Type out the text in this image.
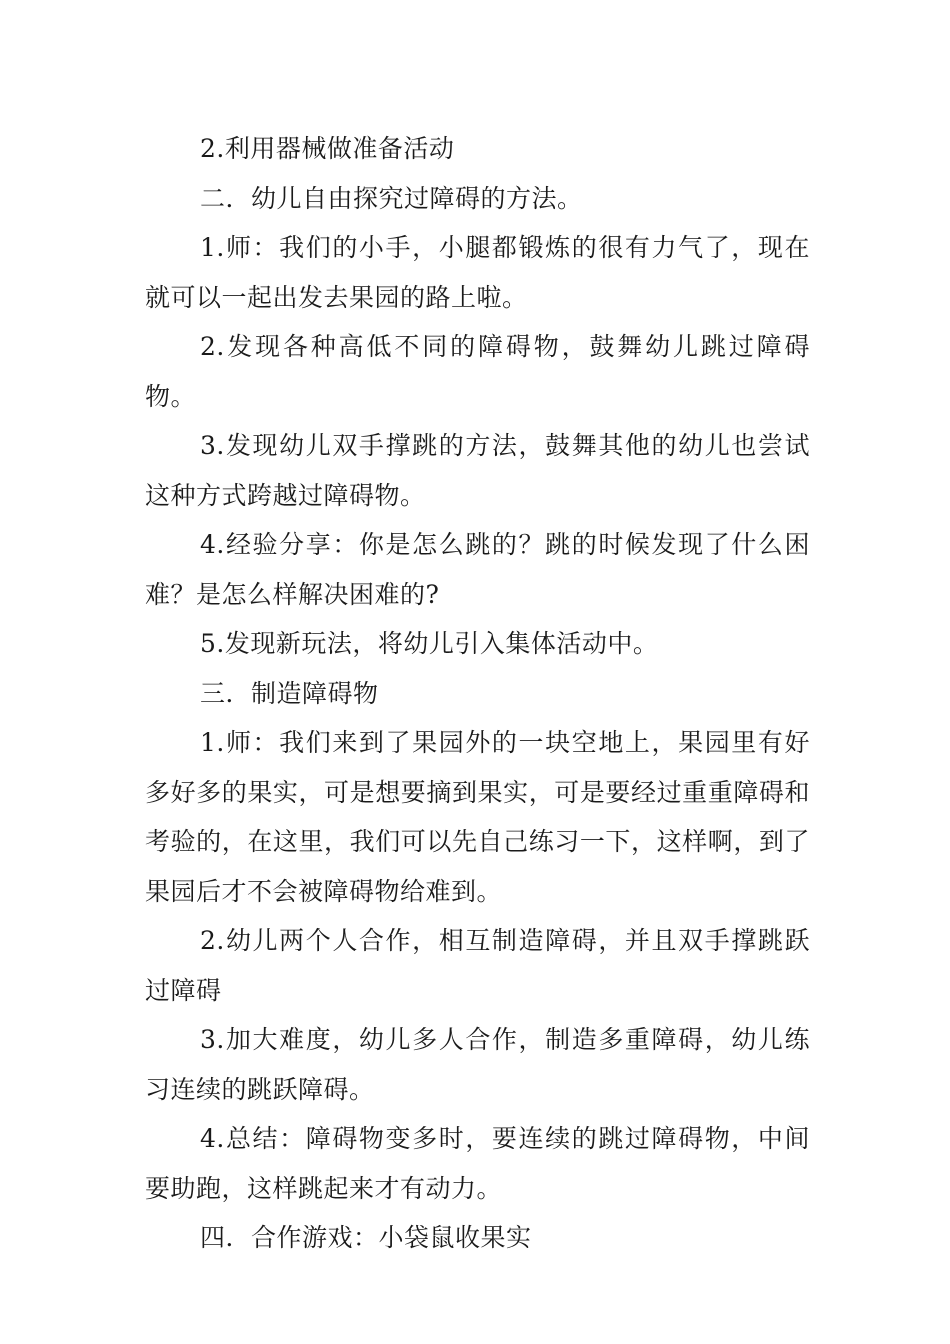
2.利用器械做准备活动

二．幼儿自由探究过障碍的方法。

1.师：我们的小手，小腿都锻炼的很有力气了，现在就可以一起出发去果园的路上啦。

2.发现各种高低不同的障碍物，鼓舞幼儿跳过障碍物。

3.发现幼儿双手撑跳的方法，鼓舞其他的幼儿也尝试这种方式跨越过障碍物。

4.经验分享：你是怎么跳的？跳的时候发现了什么困难？是怎么样解决困难的?

5.发现新玩法，将幼儿引入集体活动中。

三．制造障碍物

1.师：我们来到了果园外的一块空地上，果园里有好多好多的果实，可是想要摘到果实，可是要经过重重障碍和考验的，在这里，我们可以先自己练习一下，这样啊，到了果园后才不会被障碍物给难到。

2.幼儿两个人合作，相互制造障碍，并且双手撑跳跃过障碍

3.加大难度，幼儿多人合作，制造多重障碍，幼儿练习连续的跳跃障碍。

4.总结：障碍物变多时，要连续的跳过障碍物，中间要助跑，这样跳起来才有动力。

四．合作游戏：小袋鼠收果实
